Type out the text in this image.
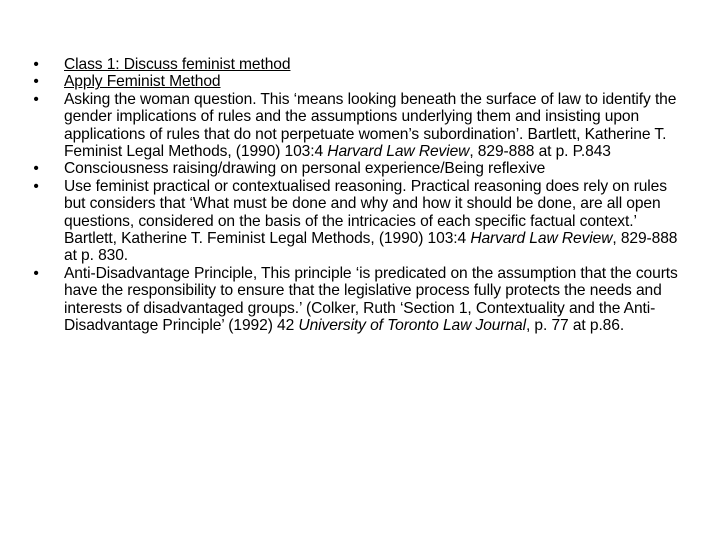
• Class 1: Discuss feminist method
• Apply Feminist Method
• Asking the woman question. This ‘means looking beneath the surface of law to identify the gender implications of rules and the assumptions underlying them and insisting upon applications of rules that do not perpetuate women’s subordination’. Bartlett, Katherine T. Feminist Legal Methods, (1990) 103:4 Harvard Law Review, 829-888 at p. P.843
• Consciousness raising/drawing on personal experience/Being reflexive
• Use feminist practical or contextualised reasoning. Practical reasoning does rely on rules but considers that ‘What must be done and why and how it should be done, are all open questions, considered on the basis of the intricacies of each specific factual context.’ Bartlett, Katherine T. Feminist Legal Methods, (1990) 103:4 Harvard Law Review, 829-888 at p. 830.
• Anti-Disadvantage Principle, This principle ‘is predicated on the assumption that the courts have the responsibility to ensure that the legislative process fully protects the needs and interests of disadvantaged groups.’ (Colker, Ruth ‘Section 1, Contextuality and the Anti-Disadvantage Principle’ (1992) 42 University of Toronto Law Journal, p. 77 at p.86.
